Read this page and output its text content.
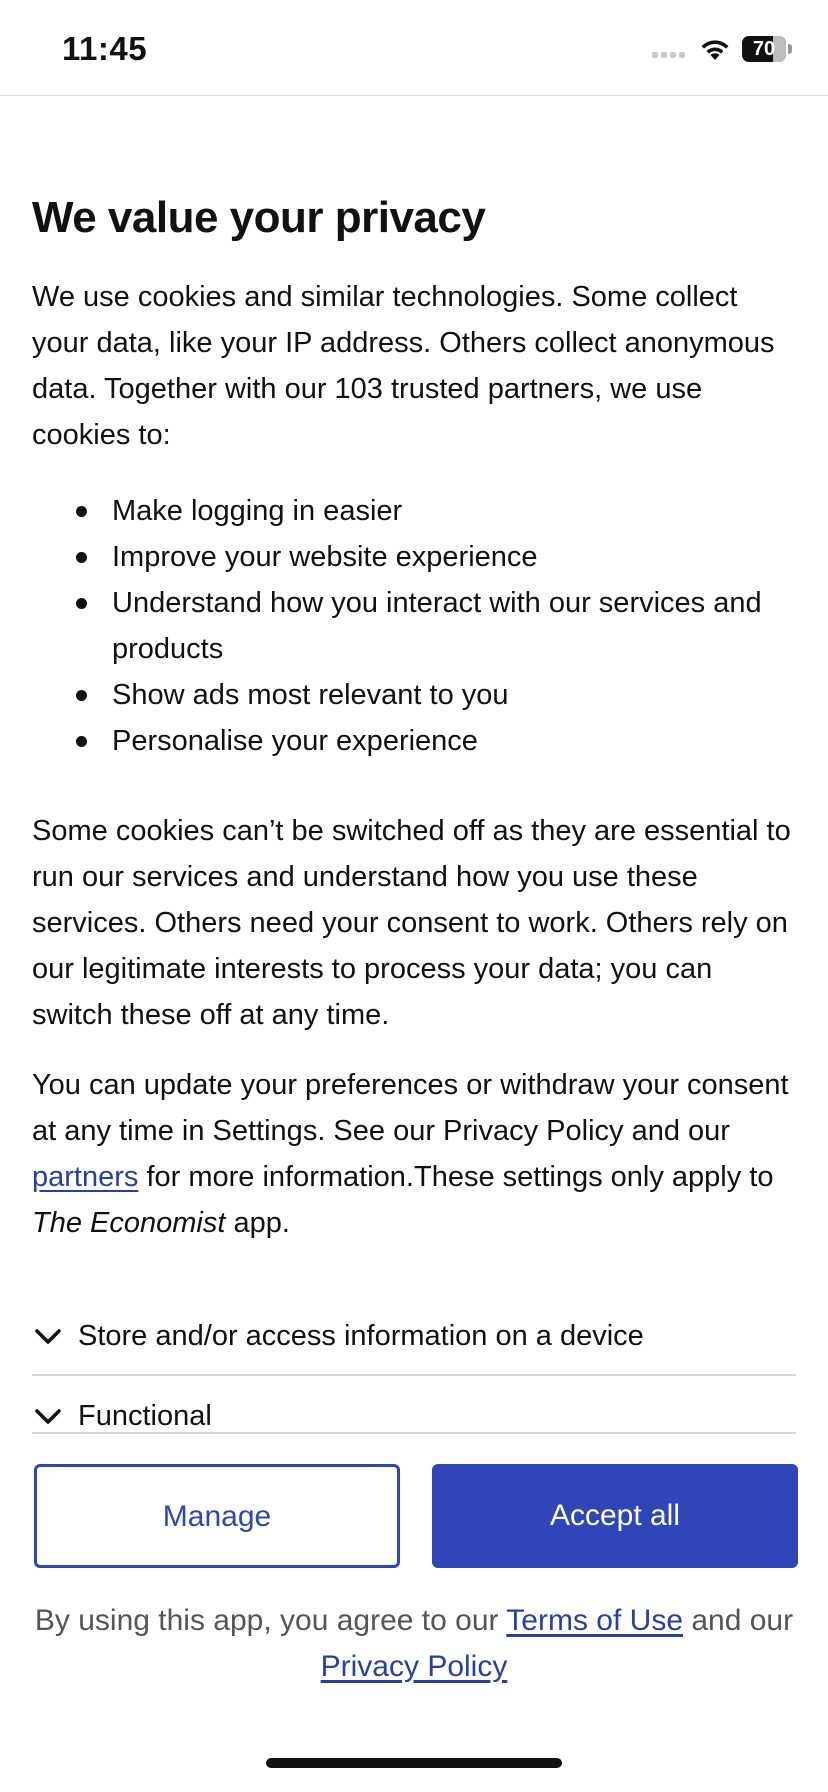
11:45	70
We value your privacy

We use cookies and similar technologies. Some collect your data, like your IP address. Others collect anonymous data. Together with our 103 trusted partners, we use cookies to:

Make logging in easier
Improve your website experience
Understand how you interact with our services and products
Show ads most relevant to you
Personalise your experience

Some cookies can’t be switched off as they are essential to run our services and understand how you use these services. Others need your consent to work. Others rely on our legitimate interests to process your data; you can switch these off at any time.

You can update your preferences or withdraw your consent at any time in Settings. See our Privacy Policy and our partners for more information.These settings only apply to The Economist app.

Store and/or access information on a device
Functional
Manage	Accept all
By using this app, you agree to our Terms of Use and our
Privacy Policy
